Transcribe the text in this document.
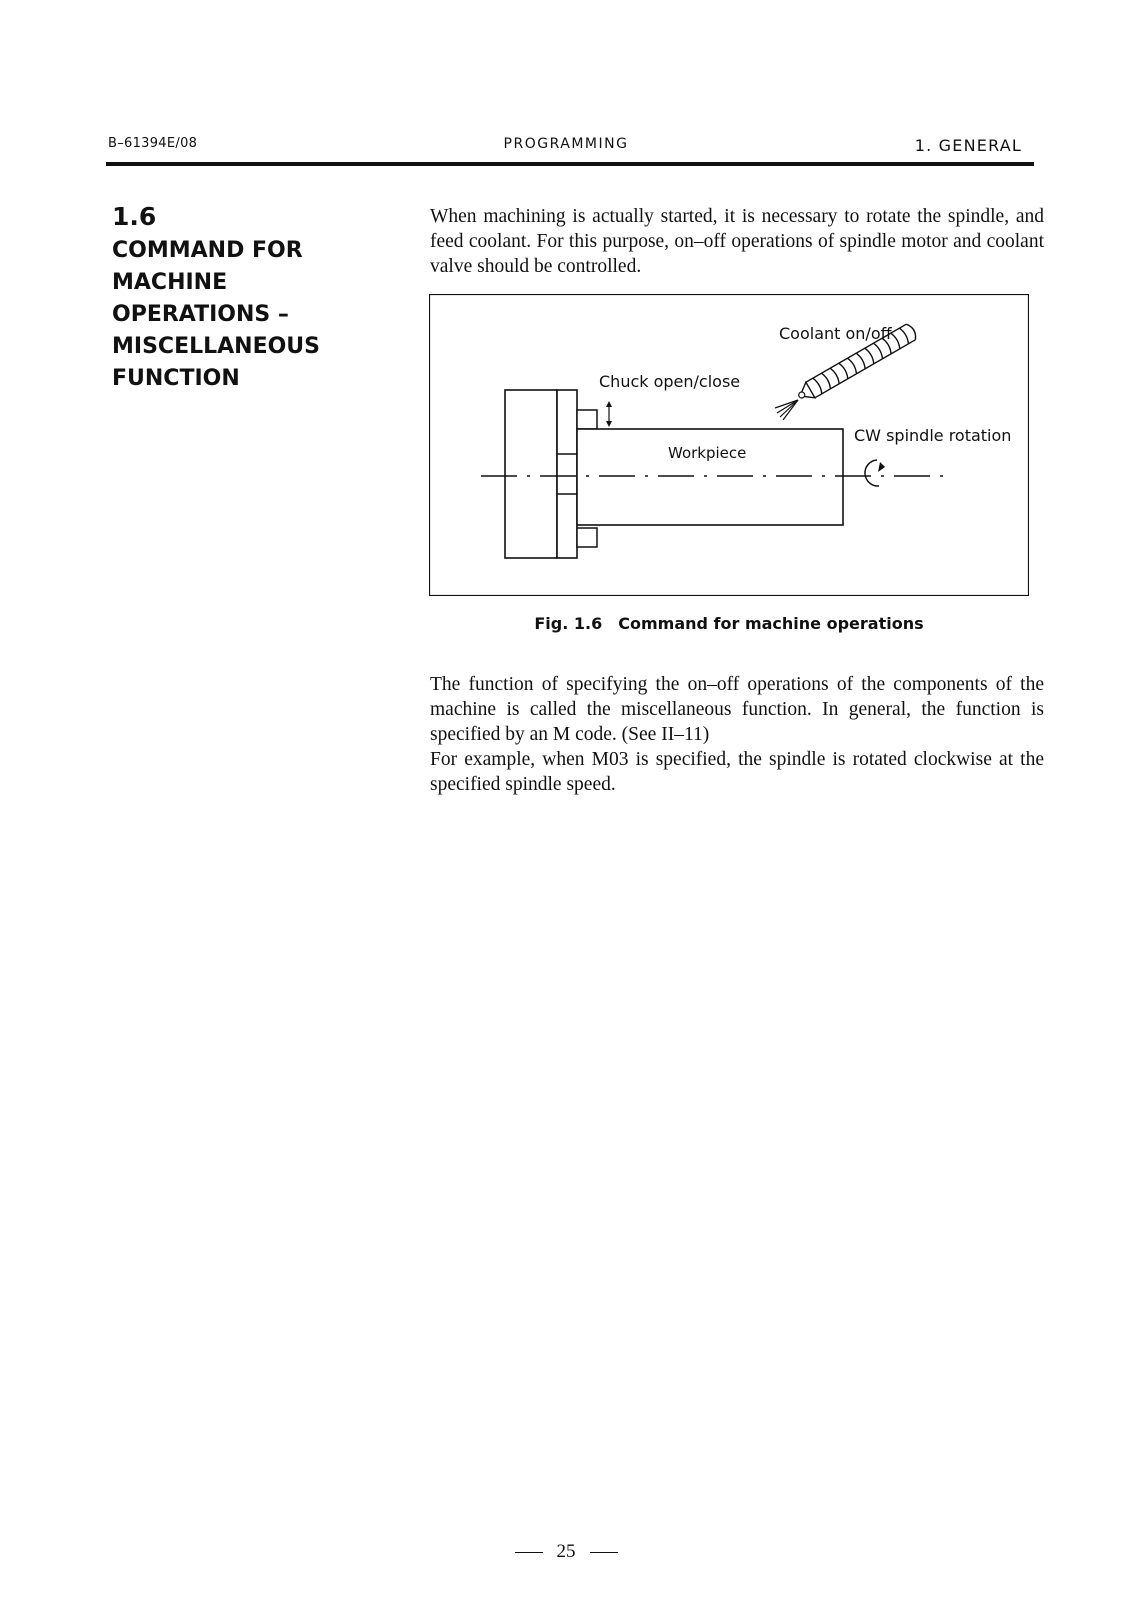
B–61394E/08	PROGRAMMING	1. GENERAL
1.6
COMMAND FOR
MACHINE
OPERATIONS –
MISCELLANEOUS
FUNCTION
When machining is actually started, it is necessary to rotate the spindle, and feed coolant. For this purpose, on–off operations of spindle motor and coolant valve should be controlled.
Coolant on/off
Chuck open/close
Workpiece
CW spindle rotation
Fig. 1.6 Command for machine operations
The function of specifying the on–off operations of the components of the machine is called the miscellaneous function. In general, the function is specified by an M code. (See II–11)
For example, when M03 is specified, the spindle is rotated clockwise at the specified spindle speed.
25
